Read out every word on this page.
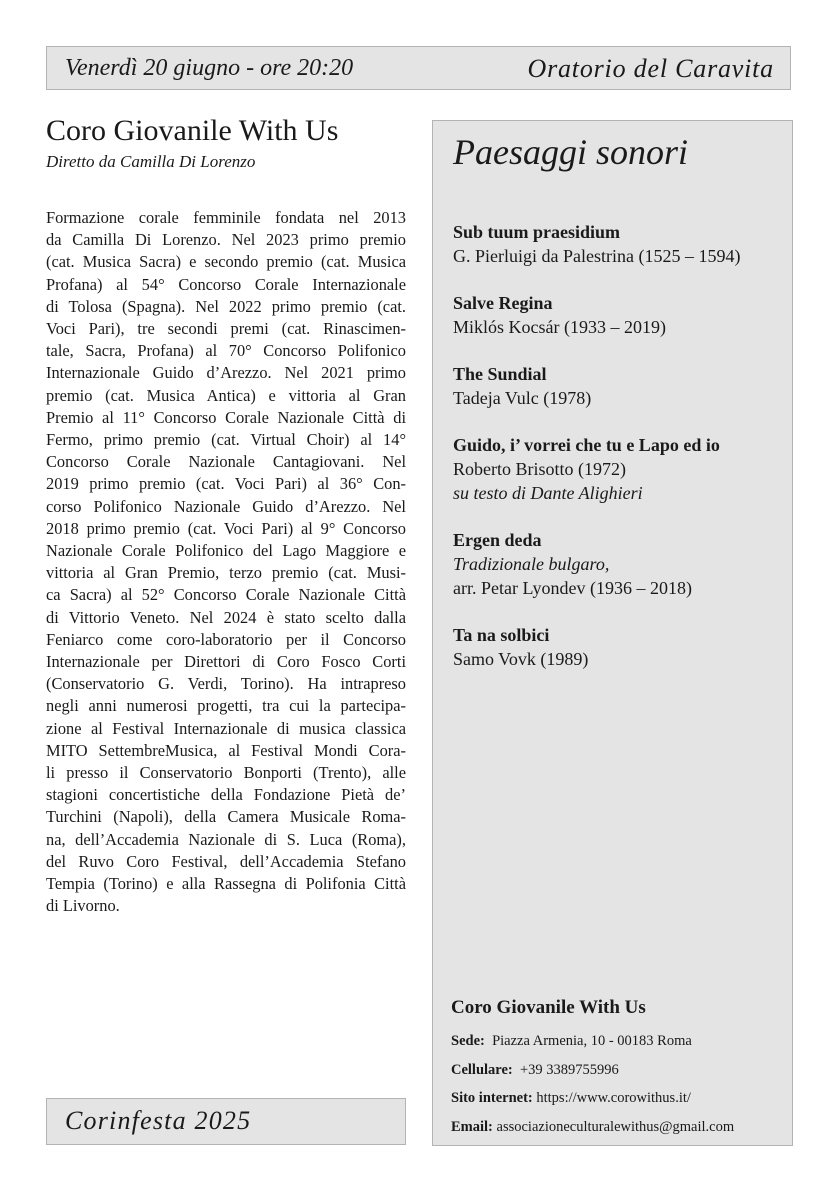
Venerdì 20 giugno - ore 20:20	Oratorio del Caravita
Coro Giovanile With Us
Diretto da Camilla Di Lorenzo
Formazione corale femminile fondata nel 2013
da Camilla Di Lorenzo. Nel 2023 primo premio
(cat. Musica Sacra) e secondo premio (cat. Musica
Profana) al 54° Concorso Corale Internazionale
di Tolosa (Spagna). Nel 2022 primo premio (cat.
Voci Pari), tre secondi premi (cat. Rinascimen-
tale, Sacra, Profana) al 70° Concorso Polifonico
Internazionale Guido d’Arezzo. Nel 2021 primo
premio (cat. Musica Antica) e vittoria al Gran
Premio al 11° Concorso Corale Nazionale Città di
Fermo, primo premio (cat. Virtual Choir) al 14°
Concorso Corale Nazionale Cantagiovani. Nel
2019 primo premio (cat. Voci Pari) al 36° Con-
corso Polifonico Nazionale Guido d’Arezzo. Nel
2018 primo premio (cat. Voci Pari) al 9° Concorso
Nazionale Corale Polifonico del Lago Maggiore e
vittoria al Gran Premio, terzo premio (cat. Musi-
ca Sacra) al 52° Concorso Corale Nazionale Città
di Vittorio Veneto. Nel 2024 è stato scelto dalla
Feniarco come coro-laboratorio per il Concorso
Internazionale per Direttori di Coro Fosco Corti
(Conservatorio G. Verdi, Torino). Ha intrapreso
negli anni numerosi progetti, tra cui la partecipa-
zione al Festival Internazionale di musica classica
MITO SettembreMusica, al Festival Mondi Cora-
li presso il Conservatorio Bonporti (Trento), alle
stagioni concertistiche della Fondazione Pietà de’
Turchini (Napoli), della Camera Musicale Roma-
na, dell’Accademia Nazionale di S. Luca (Roma),
del Ruvo Coro Festival, dell’Accademia Stefano
Tempia (Torino) e alla Rassegna di Polifonia Città
di Livorno.
Corinfesta 2025
Paesaggi sonori
Sub tuum praesidium
G. Pierluigi da Palestrina (1525 – 1594)
Salve Regina
Miklós Kocsár (1933 – 2019)
The Sundial
Tadeja Vulc (1978)
Guido, i’ vorrei che tu e Lapo ed io
Roberto Brisotto (1972)
su testo di Dante Alighieri
Ergen deda
Tradizionale bulgaro,
arr. Petar Lyondev (1936 – 2018)
Ta na solbici
Samo Vovk (1989)
Coro Giovanile With Us
Sede: Piazza Armenia, 10 - 00183 Roma
Cellulare: +39 3389755996
Sito internet: https://www.corowithus.it/
Email: associazioneculturalewithus@gmail.com
